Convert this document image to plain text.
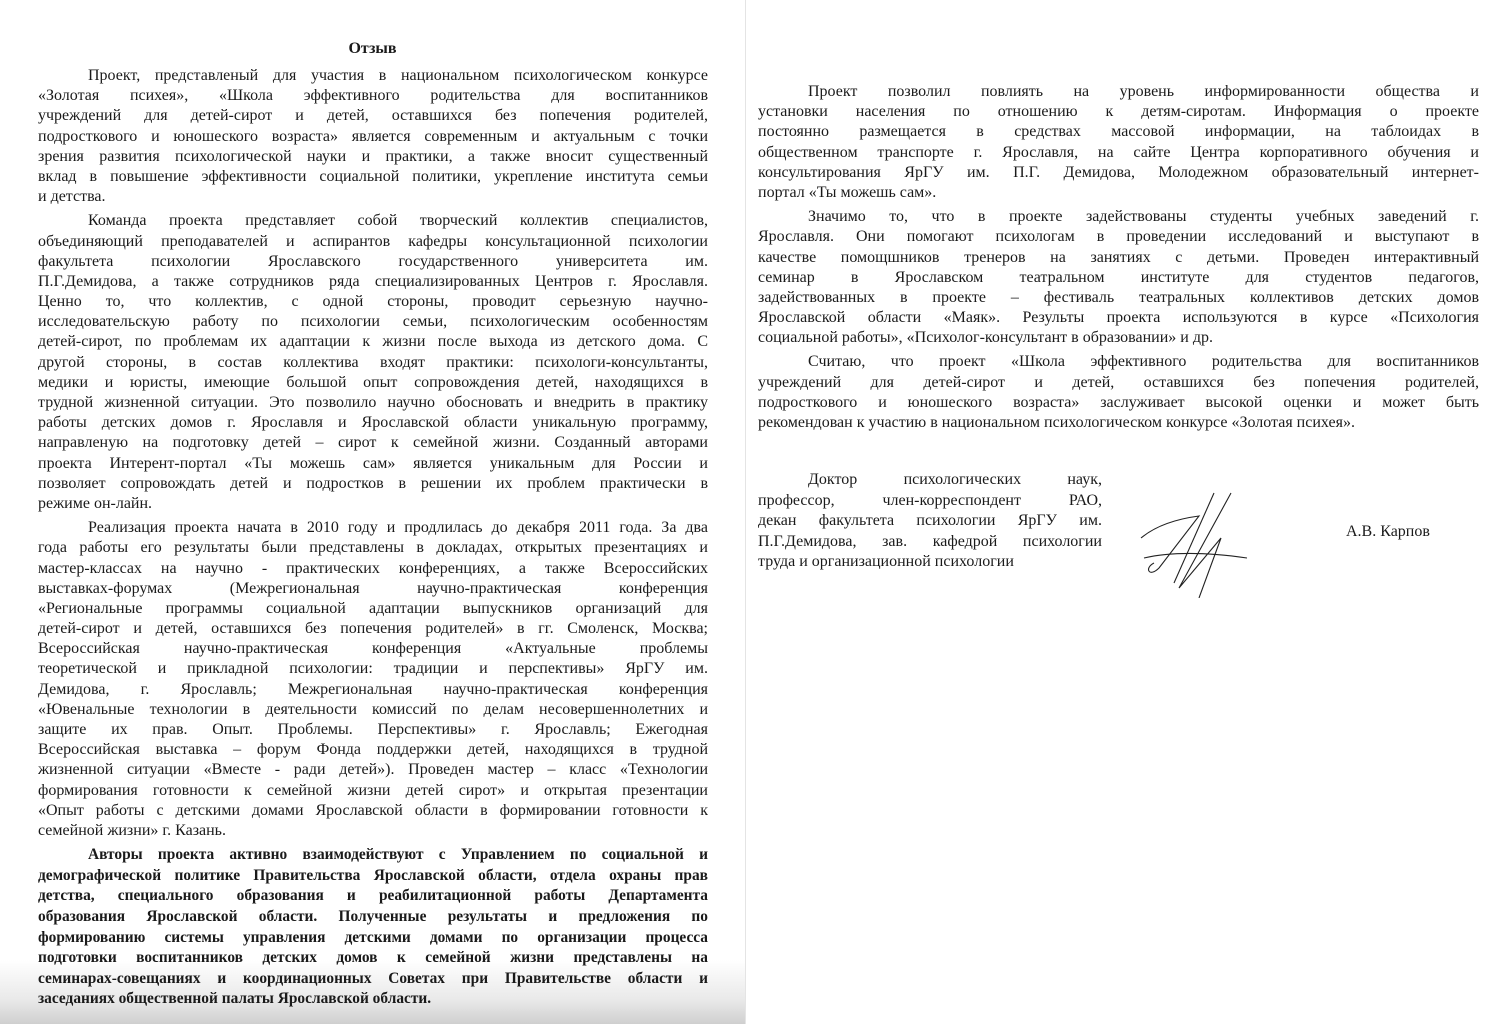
Отзыв
Проект, представленый для участия в национальном психологическом конкурсе
«Золотая психея», «Школа эффективного родительства для воспитанников
учреждений для детей-сирот и детей, оставшихся без попечения родителей,
подросткового и юношеского возраста» является современным и актуальным с точки
зрения развития психологической науки и практики, а также вносит существенный
вклад в повышение эффективности социальной политики, укрепление института семьи
и детства.
Команда проекта представляет собой творческий коллектив специалистов,
объединяющий преподавателей и аспирантов кафедры консультационной психологии
факультета психологии Ярославского государственного университета им.
П.Г.Демидова, а также сотрудников ряда специализированных Центров г. Ярославля.
Ценно то, что коллектив, с одной стороны, проводит серьезную научно-
исследовательскую работу по психологии семьи, психологическим особенностям
детей-сирот, по проблемам их адаптации к жизни после выхода из детского дома. С
другой стороны, в состав коллектива входят практики: психологи-консультанты,
медики и юристы, имеющие большой опыт сопровождения детей, находящихся в
трудной жизненной ситуации. Это позволило научно обосновать и внедрить в практику
работы детских домов г. Ярославля и Ярославской области уникальную программу,
направленую на подготовку детей – сирот к семейной жизни. Созданный авторами
проекта Интерент-портал «Ты можешь сам» является уникальным для России и
позволяет сопровождать детей и подростков в решении их проблем практически в
режиме он-лайн.
Реализация проекта начата в 2010 году и продлилась до декабря 2011 года. За два
года работы его результаты были представлены в докладах, открытых презентациях и
мастер-классах на научно - практических конференциях, а также Всероссийских
выставках-форумах (Межрегиональная научно-практическая конференция
«Региональные программы социальной адаптации выпускников организаций для
детей-сирот и детей, оставшихся без попечения родителей» в гг. Смоленск, Москва;
Всероссийская научно-практическая конференция «Актуальные проблемы
теоретической и прикладной психологии: традиции и перспективы» ЯрГУ им.
Демидова, г. Ярославль; Межрегиональная научно-практическая конференция
«Ювенальные технологии в деятельности комиссий по делам несовершеннолетних и
защите их прав. Опыт. Проблемы. Перспективы» г. Ярославль; Ежегодная
Всероссийская выставка – форум Фонда поддержки детей, находящихся в трудной
жизненной ситуации «Вместе - ради детей»). Проведен мастер – класс «Технологии
формирования готовности к семейной жизни детей сирот» и открытая презентации
«Опыт работы с детскими домами Ярославской области в формировании готовности к
семейной жизни» г. Казань.
Авторы проекта активно взаимодействуют с Управлением по социальной и
демографической политике Правительства Ярославской области, отдела охраны прав
детства, специального образования и реабилитационной работы Департамента
образования Ярославской области. Полученные результаты и предложения по
формированию системы управления детскими домами по организации процесса
подготовки воспитанников детских домов к семейной жизни представлены на
семинарах-совещаниях и координационных Советах при Правительстве области и
заседаниях общественной палаты Ярославской области.
Проект позволил повлиять на уровень информированности общества и
установки населения по отношению к детям-сиротам. Информация о проекте
постоянно размещается в средствах массовой информации, на таблоидах в
общественном транспорте г. Ярославля, на сайте Центра корпоративного обучения и
консультирования ЯрГУ им. П.Г. Демидова, Молодежном образовательный интернет-
портал «Ты можешь сам».
Значимо то, что в проекте задействованы студенты учебных заведений г.
Ярославля. Они помогают психологам в проведении исследований и выступают в
качестве помощшников тренеров на занятиях с детьми. Проведен интерактивный
семинар в Ярославском театральном институте для студентов педагогов,
задействованных в проекте – фестиваль театральных коллективов детских домов
Ярославской области «Маяк». Результы проекта используются в курсе «Психология
социальной работы», «Психолог-консультант в образовании» и др.
Считаю, что проект «Школа эффективного родительства для воспитанников
учреждений для детей-сирот и детей, оставшихся без попечения родителей,
подросткового и юношеского возраста» заслуживает высокой оценки и может быть
рекомендован к участию в национальном психологическом конкурсе «Золотая психея».
Доктор психологических наук,
профессор, член-корреспондент РАО,
декан факультета психологии ЯрГУ им.
П.Г.Демидова, зав. кафедрой психологии
труда и организационной психологии
А.В. Карпов
